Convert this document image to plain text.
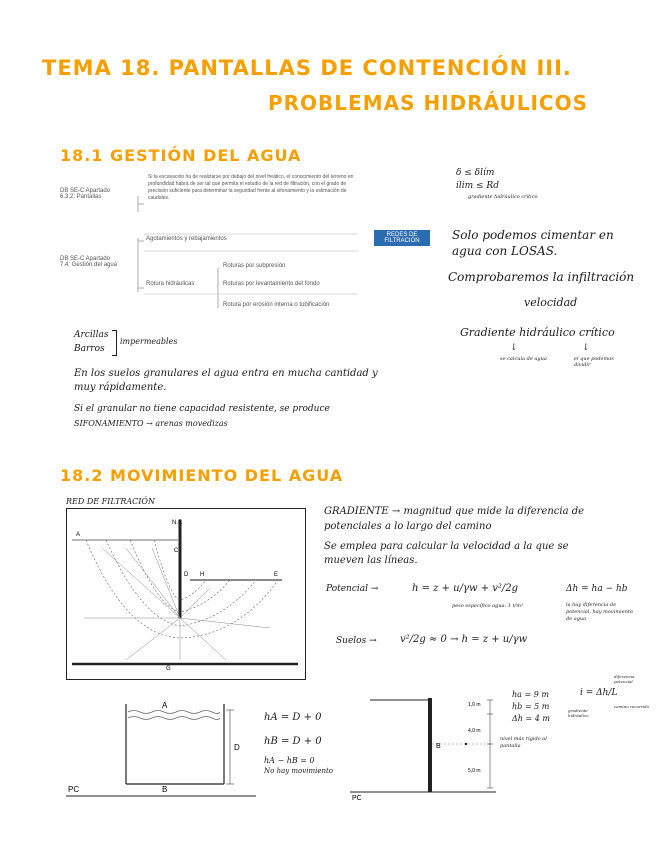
TEMA 18. PANTALLAS DE CONTENCIÓN III.
PROBLEMAS HIDRÁULICOS
18.1 GESTIÓN DEL AGUA
DB SE-C Apartado
6.3.2: Pantallas
Si la excavación ha de realizarse por debajo del nivel freático, el conocimiento del terreno en profundidad habrá de ser tal que permita el estudio de la red de filtración, con el grado de precisión suficiente para determinar la seguridad frente al sifonamiento y la estimación de caudales.
DB SE-C Apartado
7.4: Gestión del agua
Agotamientos y rebajamientos
Rotura hidráulicas
Roturas por subpresión
Roturas por levantamiento del fondo
Rotura por erosión interna o tubificación
REDES DE
FILTRACIÓN
δ ≤ δlím
ilim ≤ Rd
gradiente hidráulico crítico
Solo podemos cimentar en
agua con LOSAS.
Comprobaremos la infiltración
velocidad
Gradiente hidráulico crítico
↓	↓
se calcula de agua	el que podemos dividir
Arcillas
Barros
impermeables
En los suelos granulares el agua entra en mucha cantidad y
muy rápidamente.
Si el granular no tiene capacidad resistente, se produce
SIFONAMIENTO → arenas movedizas
18.2 MOVIMIENTO DEL AGUA
RED DE FILTRACIÓN
N.F.
A
C
D H	E
G
GRADIENTE → magnitud que mide la diferencia de
potenciales a lo largo del camino
Se emplea para calcular la velocidad a la que se
mueven las líneas.
Potencial →	h = z + u/γw + v²/2g
peso específico agua: 1 t/m³
Δh = ha − hb
la hay diferencia de potencial, hay movimiento de agua
Suelos → v²/2g ≈ 0 → h = z + u/γw
A
B
D
PC
hA = D + 0
hB = D + 0
hA − hB = 0
No hay movimiento
1,0 m
4,0 m
5,0 m
B
PC
ha = 9 m
hb = 5 m
Δh = 4 m
nivel más rígido al pantalla
i = Δh/L
diferencia potencial
gradiente hidráulico
camino recorrido
